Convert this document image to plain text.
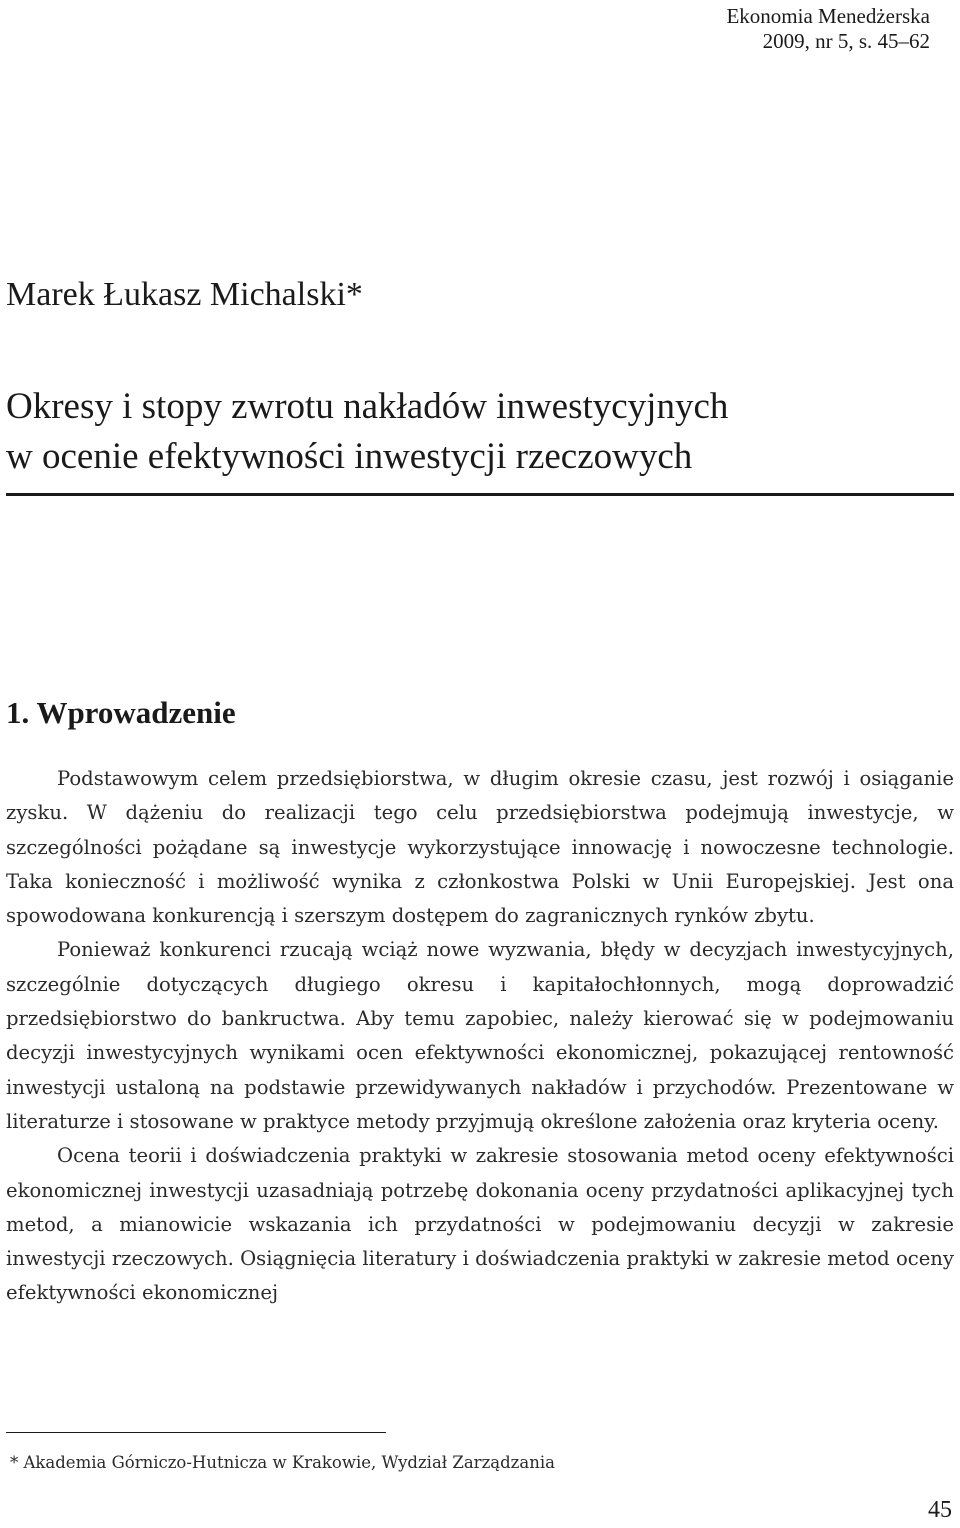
Ekonomia Menedżerska
2009, nr 5, s. 45–62
Marek Łukasz Michalski*
Okresy i stopy zwrotu nakładów inwestycyjnych
w ocenie efektywności inwestycji rzeczowych
1. Wprowadzenie

Podstawowym celem przedsiębiorstwa, w długim okresie czasu, jest rozwój i osiąganie zysku. W dążeniu do realizacji tego celu przedsiębiorstwa podejmują inwestycje, w szczególności pożądane są inwestycje wykorzystujące innowację i nowoczesne technologie. Taka konieczność i możliwość wynika z członkostwa Polski w Unii Europejskiej. Jest ona spowodowana konkurencją i szerszym dostępem do zagranicznych rynków zbytu.

Ponieważ konkurenci rzucają wciąż nowe wyzwania, błędy w decyzjach inwestycyjnych, szczególnie dotyczących długiego okresu i kapitałochłonnych, mogą doprowadzić przedsiębiorstwo do bankructwa. Aby temu zapobiec, należy kierować się w podejmowaniu decyzji inwestycyjnych wynikami ocen efektywności ekonomicznej, pokazującej rentowność inwestycji ustaloną na podstawie przewidywanych nakładów i przychodów. Prezentowane w literaturze i stosowane w praktyce metody przyjmują określone założenia oraz kryteria oceny.

Ocena teorii i doświadczenia praktyki w zakresie stosowania metod oceny efektywności ekonomicznej inwestycji uzasadniają potrzebę dokonania oceny przydatności aplikacyjnej tych metod, a mianowicie wskazania ich przydatności w podejmowaniu decyzji w zakresie inwestycji rzeczowych. Osiągnięcia literatury i doświadczenia praktyki w zakresie metod oceny efektywności ekonomicznej

* Akademia Górniczo-Hutnicza w Krakowie, Wydział Zarządzania
45
